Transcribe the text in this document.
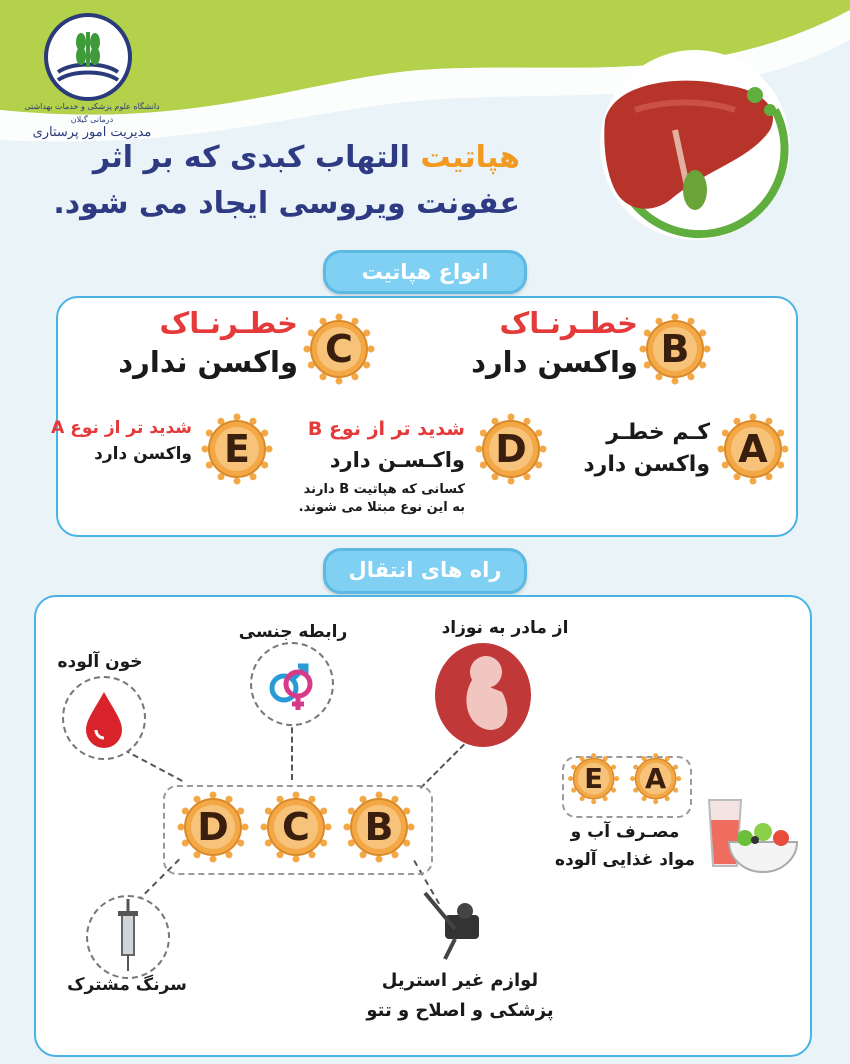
دانشگاه علوم پزشکی و خدمات بهداشتی درمانی گیلان
مدیریت امور پرستاری
هپاتیت التهاب کبدی که بر اثر
عفونت ویروسی ایجاد می شود.
انواع هپاتیت
B
خطـرنـاک
واکسن دارد
C
خطـرنـاک
واکسن ندارد
A
کـم خطـر
واکسن دارد
D
شدید تر از نوع B
واکـسـن دارد
کسانی که هپاتیت B دارند
به این نوع مبتلا می شوند.
E
شدید تر از نوع A
واکسن دارد
راه های انتقال
D	C	B
خون آلوده
رابطه جنسی	از مادر به نوزاد
سرنگ مشترک	لوازم غیر استریل
پزشکی و اصلاح و تتو
E	A
مصـرف آب و
مواد غذایی آلوده
